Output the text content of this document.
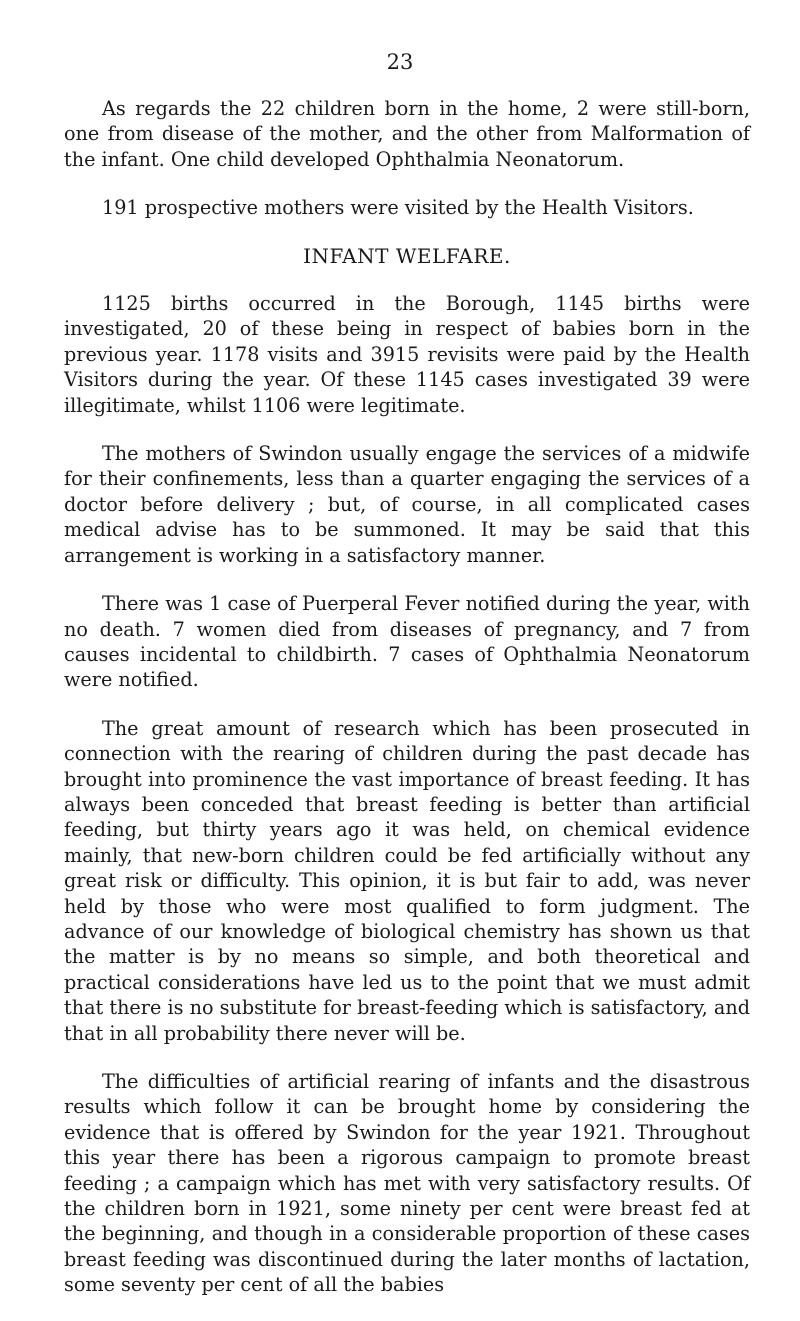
23

As regards the 22 children born in the home, 2 were still-born, one from disease of the mother, and the other from Malformation of the infant. One child developed Ophthalmia Neonatorum.

191 prospective mothers were visited by the Health Visitors.

INFANT WELFARE.

1125 births occurred in the Borough, 1145 births were investigated, 20 of these being in respect of babies born in the previous year. 1178 visits and 3915 revisits were paid by the Health Visitors during the year. Of these 1145 cases investigated 39 were illegitimate, whilst 1106 were legitimate.

The mothers of Swindon usually engage the services of a midwife for their confinements, less than a quarter engaging the services of a doctor before delivery ; but, of course, in all complicated cases medical advise has to be summoned. It may be said that this arrangement is working in a satisfactory manner.

There was 1 case of Puerperal Fever notified during the year, with no death. 7 women died from diseases of pregnancy, and 7 from causes incidental to childbirth. 7 cases of Ophthalmia Neonatorum were notified.

The great amount of research which has been prosecuted in connection with the rearing of children during the past decade has brought into prominence the vast importance of breast feeding. It has always been conceded that breast feeding is better than artificial feeding, but thirty years ago it was held, on chemical evidence mainly, that new-born children could be fed artificially without any great risk or difficulty. This opinion, it is but fair to add, was never held by those who were most qualified to form judgment. The advance of our knowledge of biological chemistry has shown us that the matter is by no means so simple, and both theoretical and practical considerations have led us to the point that we must admit that there is no substitute for breast-feeding which is satisfactory, and that in all probability there never will be.

The difficulties of artificial rearing of infants and the disastrous results which follow it can be brought home by considering the evidence that is offered by Swindon for the year 1921. Throughout this year there has been a rigorous campaign to promote breast feeding ; a campaign which has met with very satisfactory results. Of the children born in 1921, some ninety per cent were breast fed at the beginning, and though in a considerable proportion of these cases breast feeding was discontinued during the later months of lactation, some seventy per cent of all the babies
